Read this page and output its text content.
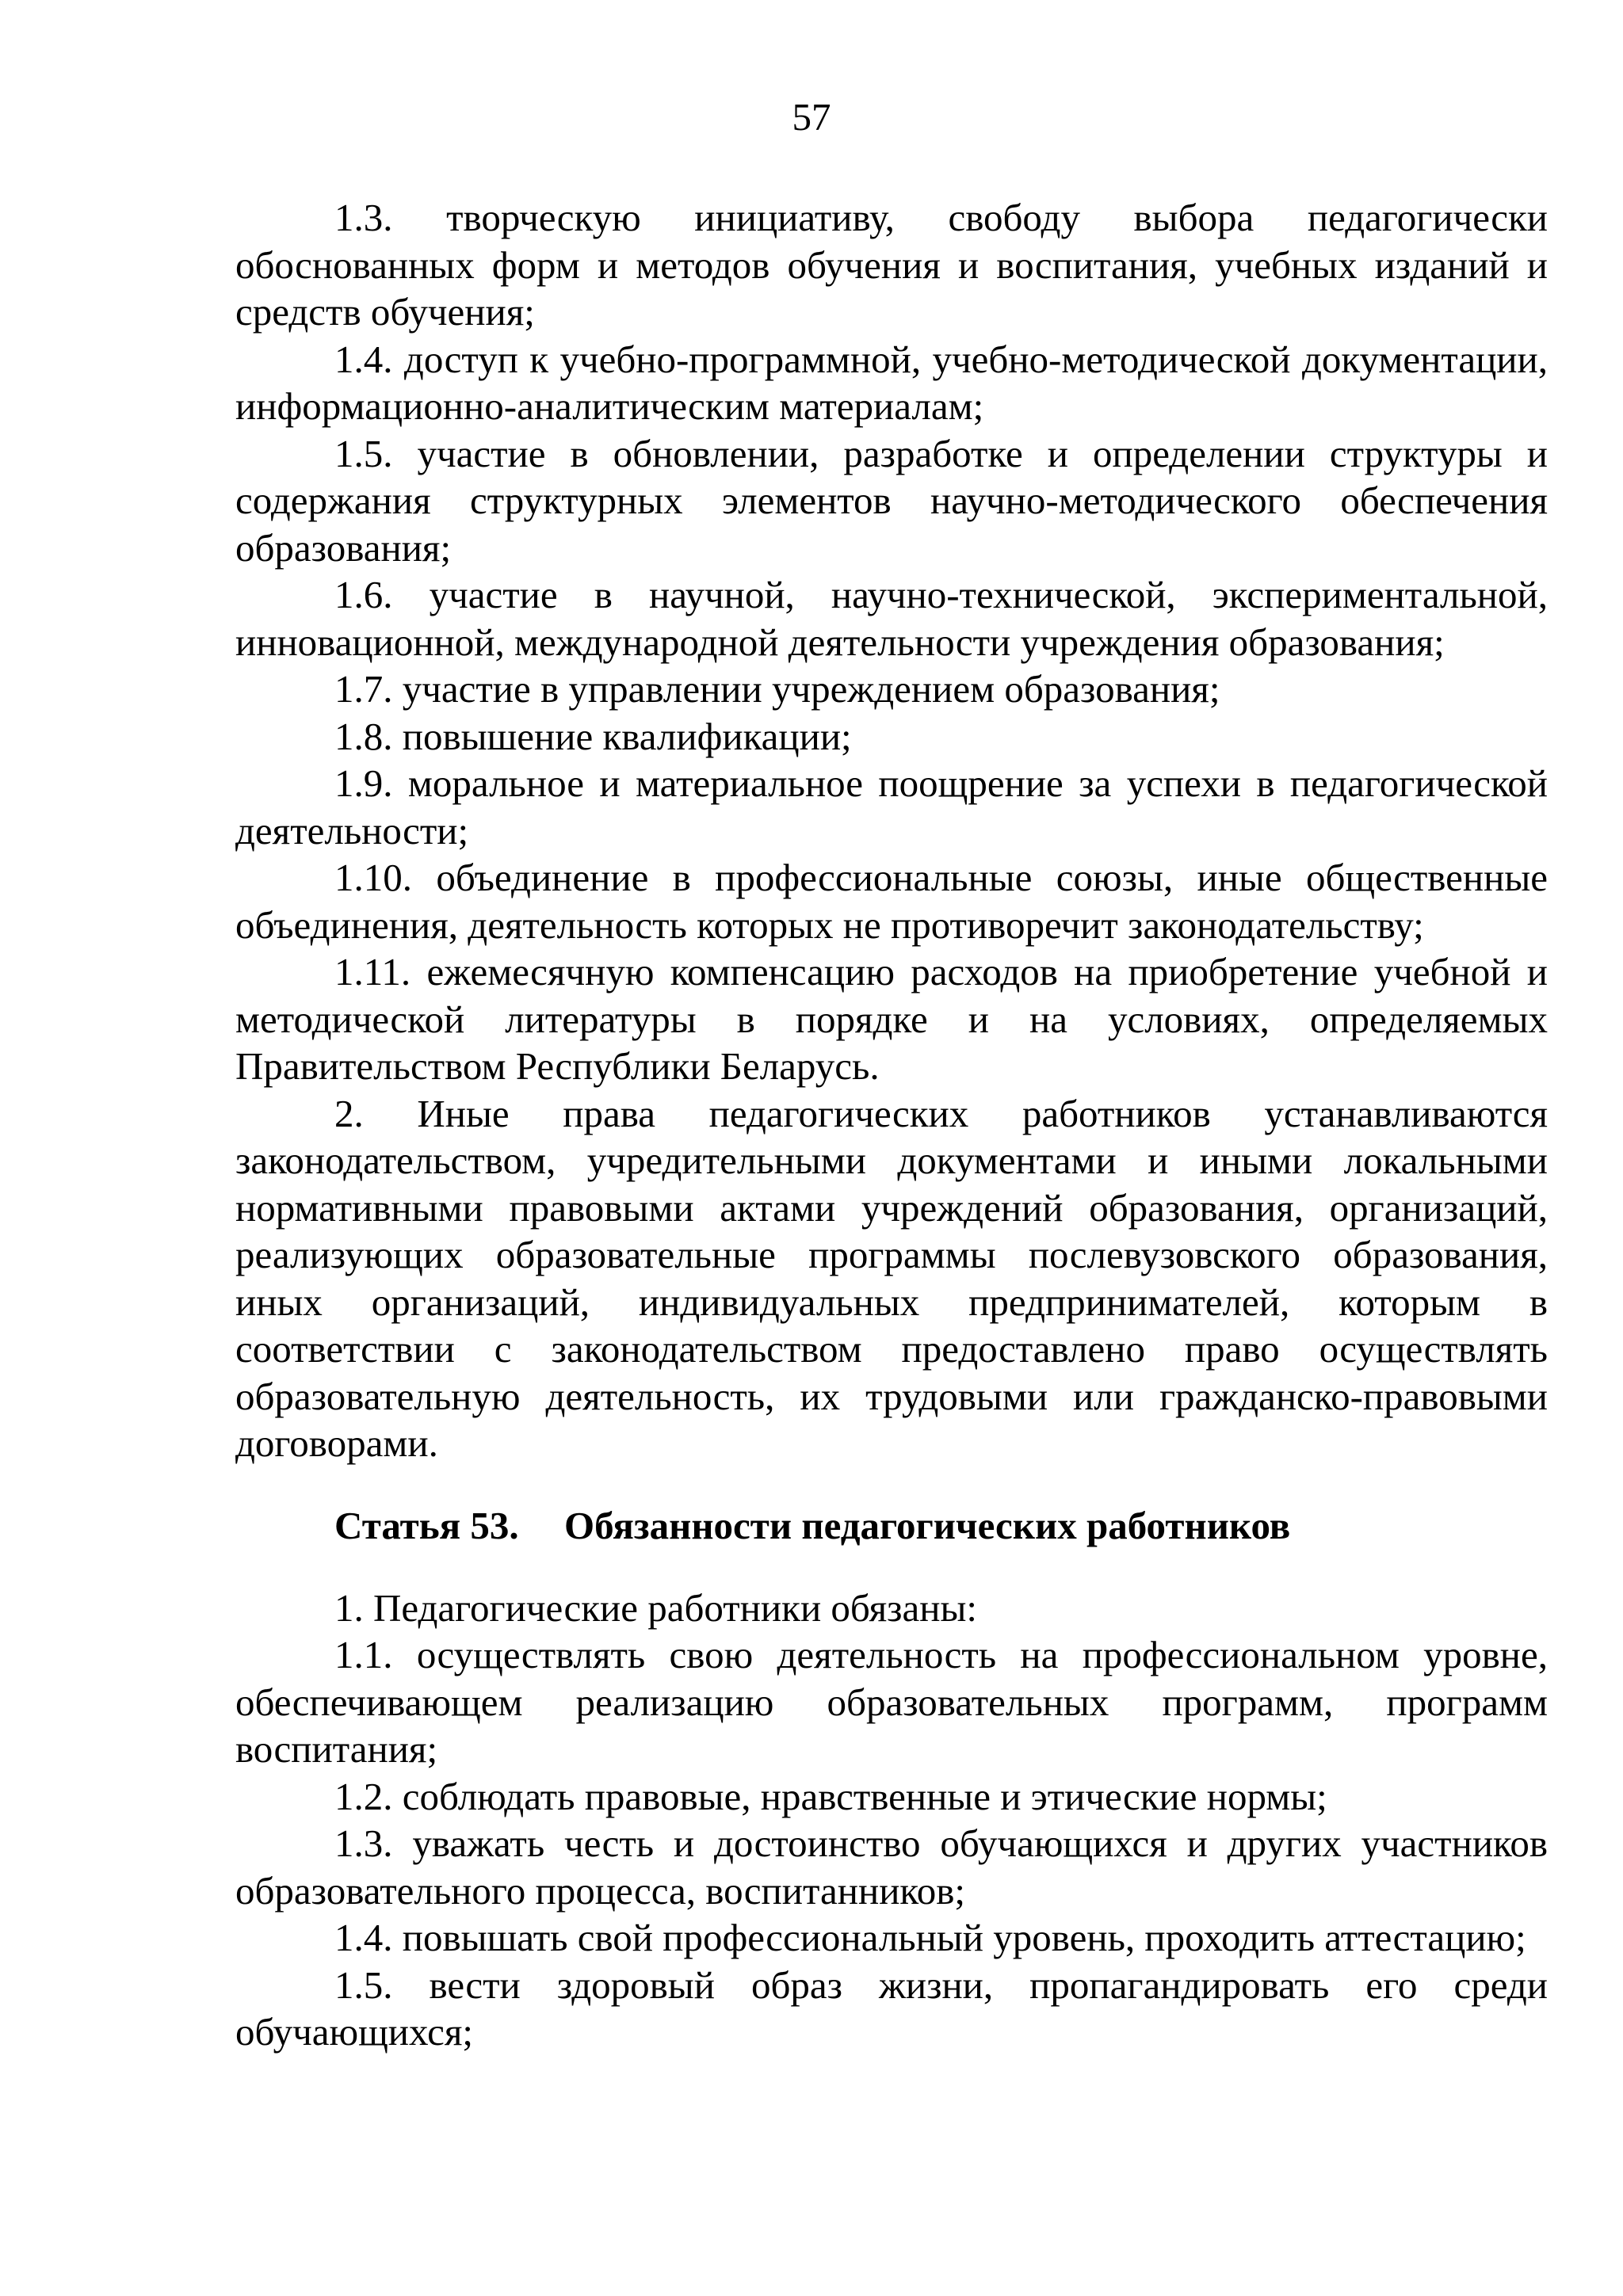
57

1.3. творческую инициативу, свободу выбора педагогически обоснованных форм и методов обучения и воспитания, учебных изданий и средств обучения;

1.4. доступ к учебно-программной, учебно-методической документации, информационно-аналитическим материалам;

1.5. участие в обновлении, разработке и определении структуры и содержания структурных элементов научно-методического обеспечения образования;

1.6. участие в научной, научно-технической, экспериментальной, инновационной, международной деятельности учреждения образования;

1.7. участие в управлении учреждением образования;

1.8. повышение квалификации;

1.9. моральное и материальное поощрение за успехи в педагогической деятельности;

1.10. объединение в профессиональные союзы, иные общественные объединения, деятельность которых не противоречит законодательству;

1.11. ежемесячную компенсацию расходов на приобретение учебной и методической литературы в порядке и на условиях, определяемых Правительством Республики Беларусь.

2. Иные права педагогических работников устанавливаются законодательством, учредительными документами и иными локальными нормативными правовыми актами учреждений образования, организаций, реализующих образовательные программы послевузовского образования, иных организаций, индивидуальных предпринимателей, которым в соответствии с законодательством предоставлено право осуществлять образовательную деятельность, их трудовыми или гражданско-правовыми договорами.

Статья 53. Обязанности педагогических работников

1. Педагогические работники обязаны:

1.1. осуществлять свою деятельность на профессиональном уровне, обеспечивающем реализацию образовательных программ, программ воспитания;

1.2. соблюдать правовые, нравственные и этические нормы;

1.3. уважать честь и достоинство обучающихся и других участников образовательного процесса, воспитанников;

1.4. повышать свой профессиональный уровень, проходить аттестацию;

1.5. вести здоровый образ жизни, пропагандировать его среди обучающихся;
